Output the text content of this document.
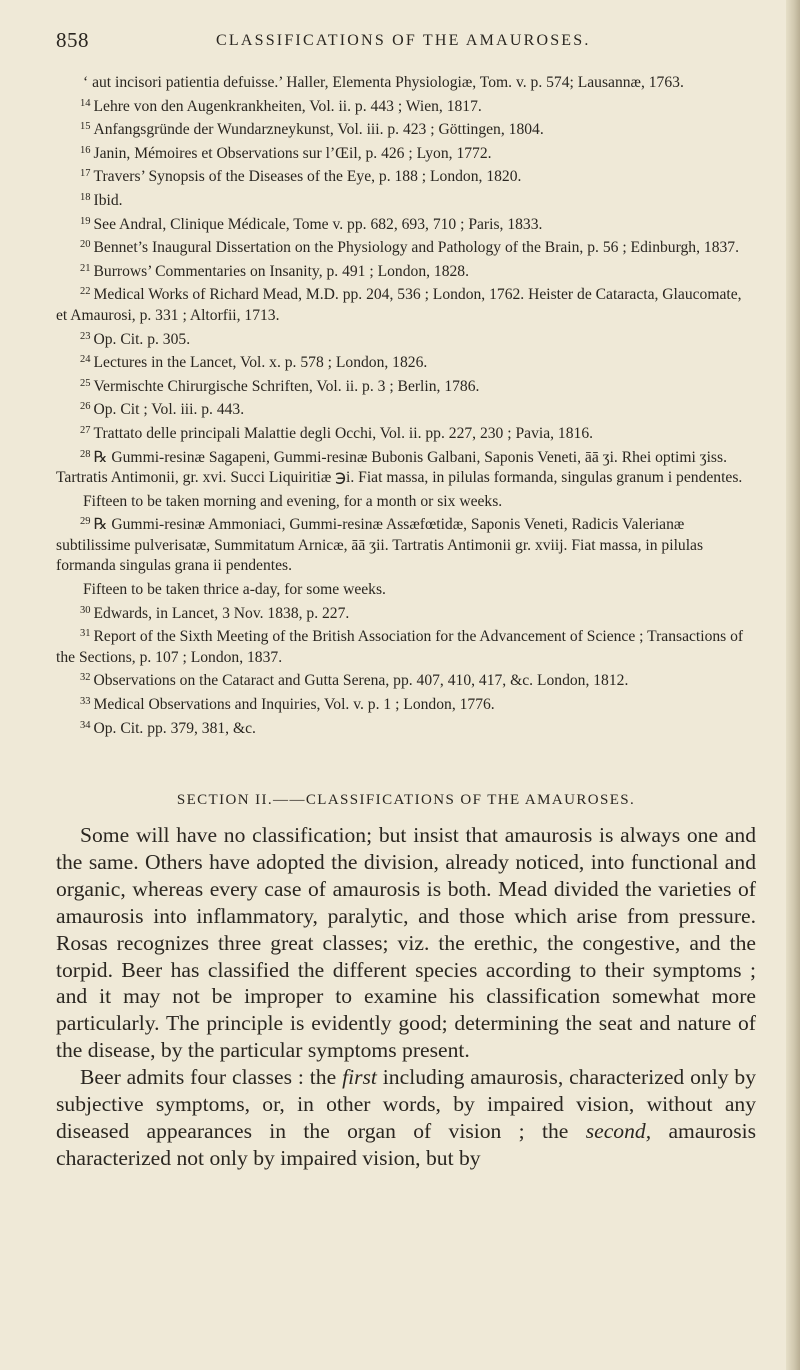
858	CLASSIFICATIONS OF THE AMAUROSES.

‘ aut incisori patientia defuisse.’ Haller, Elementa Physiologiæ, Tom. v. p. 574; Lausannæ, 1763.

$^{14}$ Lehre von den Augenkrankheiten, Vol. ii. p. 443 ; Wien, 1817.

$^{15}$ Anfangsgründe der Wundarzneykunst, Vol. iii. p. 423 ; Göttingen, 1804.

$^{16}$ Janin, Mémoires et Observations sur l’Œil, p. 426 ; Lyon, 1772.

$^{17}$ Travers’ Synopsis of the Diseases of the Eye, p. 188 ; London, 1820.

$^{18}$ Ibid.

$^{19}$ See Andral, Clinique Médicale, Tome v. pp. 682, 693, 710 ; Paris, 1833.

$^{20}$ Bennet’s Inaugural Dissertation on the Physiology and Pathology of the Brain, p. 56 ; Edinburgh, 1837.

$^{21}$ Burrows’ Commentaries on Insanity, p. 491 ; London, 1828.

$^{22}$ Medical Works of Richard Mead, M.D. pp. 204, 536 ; London, 1762. Heister de Cataracta, Glaucomate, et Amaurosi, p. 331 ; Altorfii, 1713.

$^{23}$ Op. Cit. p. 305.

$^{24}$ Lectures in the Lancet, Vol. x. p. 578 ; London, 1826.

$^{25}$ Vermischte Chirurgische Schriften, Vol. ii. p. 3 ; Berlin, 1786.

$^{26}$ Op. Cit ; Vol. iii. p. 443.

$^{27}$ Trattato delle principali Malattie degli Occhi, Vol. ii. pp. 227, 230 ; Pavia, 1816.

$^{28}$ ℞ Gummi-resinæ Sagapeni, Gummi-resinæ Bubonis Galbani, Saponis Veneti, āā ʒi. Rhei optimi ʒiss. Tartratis Antimonii, gr. xvi. Succi Liquiritiæ ℈i. Fiat massa, in pilulas formanda, singulas granum i pendentes.

Fifteen to be taken morning and evening, for a month or six weeks.

$^{29}$ ℞ Gummi-resinæ Ammoniaci, Gummi-resinæ Assæfœtidæ, Saponis Veneti, Radicis Valerianæ subtilissime pulverisatæ, Summitatum Arnicæ, āā ʒii. Tartratis Antimonii gr. xviij. Fiat massa, in pilulas formanda singulas grana ii pendentes.

Fifteen to be taken thrice a-day, for some weeks.

$^{30}$ Edwards, in Lancet, 3 Nov. 1838, p. 227.

$^{31}$ Report of the Sixth Meeting of the British Association for the Advancement of Science ; Transactions of the Sections, p. 107 ; London, 1837.

$^{32}$ Observations on the Cataract and Gutta Serena, pp. 407, 410, 417, &c. London, 1812.

$^{33}$ Medical Observations and Inquiries, Vol. v. p. 1 ; London, 1776.

$^{34}$ Op. Cit. pp. 379, 381, &c.

SECTION II.——CLASSIFICATIONS OF THE AMAUROSES.

Some will have no classification; but insist that amaurosis is always one and the same. Others have adopted the division, already noticed, into functional and organic, whereas every case of amaurosis is both. Mead divided the varieties of amaurosis into inflammatory, paralytic, and those which arise from pressure. Rosas recognizes three great classes; viz. the erethic, the congestive, and the torpid. Beer has classified the different species according to their symptoms ; and it may not be improper to examine his classification somewhat more particularly. The principle is evidently good; determining the seat and nature of the disease, by the particular symptoms present.

Beer admits four classes : the first including amaurosis, characterized only by subjective symptoms, or, in other words, by impaired vision, without any diseased appearances in the organ of vision ; the second, amaurosis characterized not only by impaired vision, but by
